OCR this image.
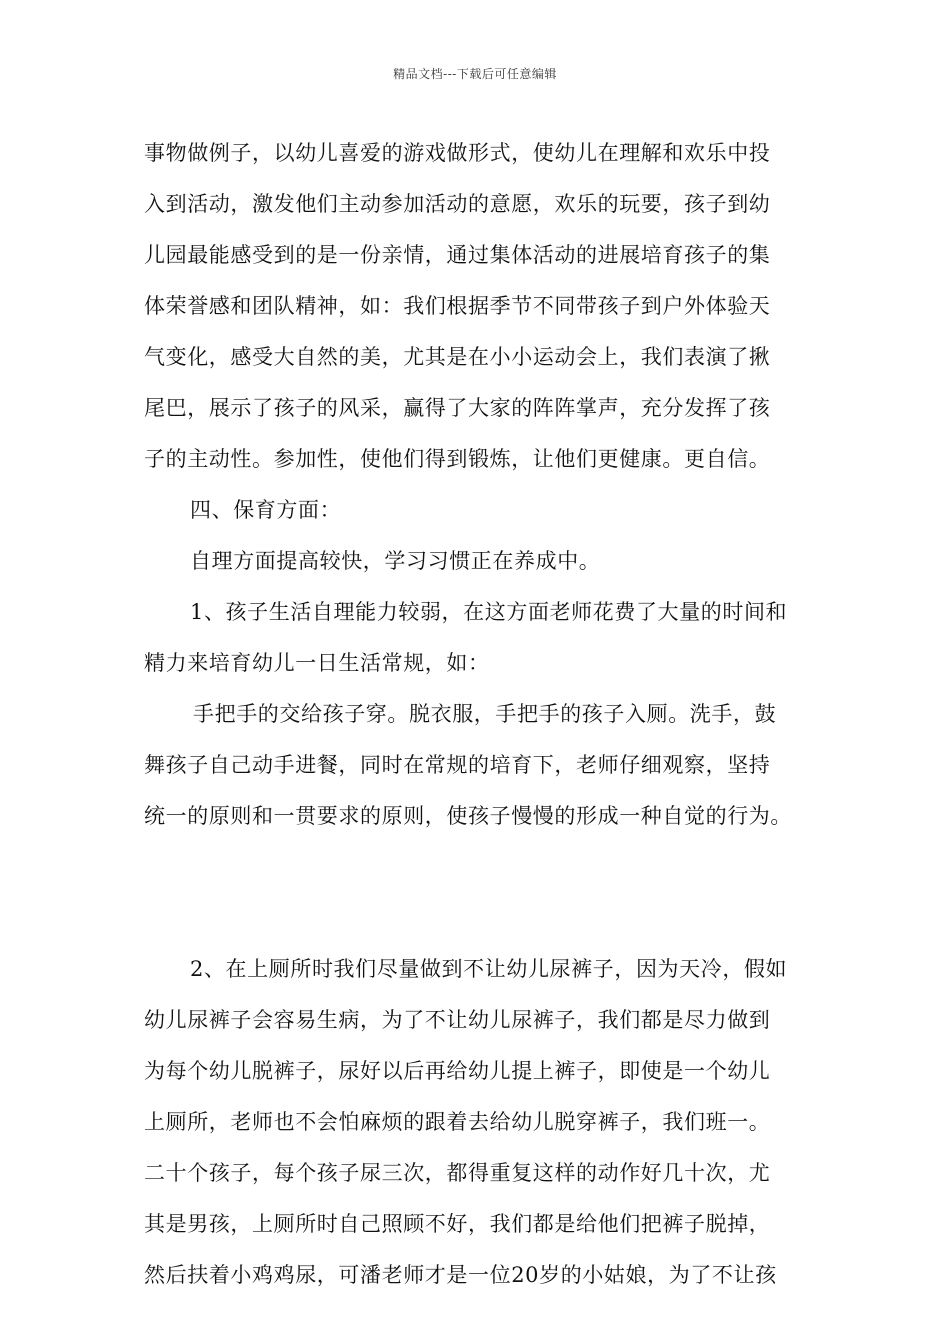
精品文档---下载后可任意编辑
事物做例子，以幼儿喜爱的游戏做形式，使幼儿在理解和欢乐中投
入到活动，激发他们主动参加活动的意愿，欢乐的玩要，孩子到幼
儿园最能感受到的是一份亲情，通过集体活动的进展培育孩子的集
体荣誉感和团队精神，如：我们根据季节不同带孩子到户外体验天
气变化，感受大自然的美，尤其是在小小运动会上，我们表演了揪
尾巴，展示了孩子的风采，赢得了大家的阵阵掌声，充分发挥了孩
子的主动性。参加性，使他们得到锻炼，让他们更健康。更自信。
四、保育方面：
自理方面提高较快，学习习惯正在养成中。
1、孩子生活自理能力较弱，在这方面老师花费了大量的时间和
精力来培育幼儿一日生活常规，如：
手把手的交给孩子穿。脱衣服，手把手的孩子入厕。洗手，鼓
舞孩子自己动手进餐，同时在常规的培育下，老师仔细观察，坚持
统一的原则和一贯要求的原则，使孩子慢慢的形成一种自觉的行为。
2、在上厕所时我们尽量做到不让幼儿尿裤子，因为天冷，假如
幼儿尿裤子会容易生病，为了不让幼儿尿裤子，我们都是尽力做到
为每个幼儿脱裤子，尿好以后再给幼儿提上裤子，即使是一个幼儿
上厕所，老师也不会怕麻烦的跟着去给幼儿脱穿裤子，我们班一。
二十个孩子，每个孩子尿三次，都得重复这样的动作好几十次，尤
其是男孩，上厕所时自己照顾不好，我们都是给他们把裤子脱掉，
然后扶着小鸡鸡尿，可潘老师才是一位20岁的小姑娘，为了不让孩
